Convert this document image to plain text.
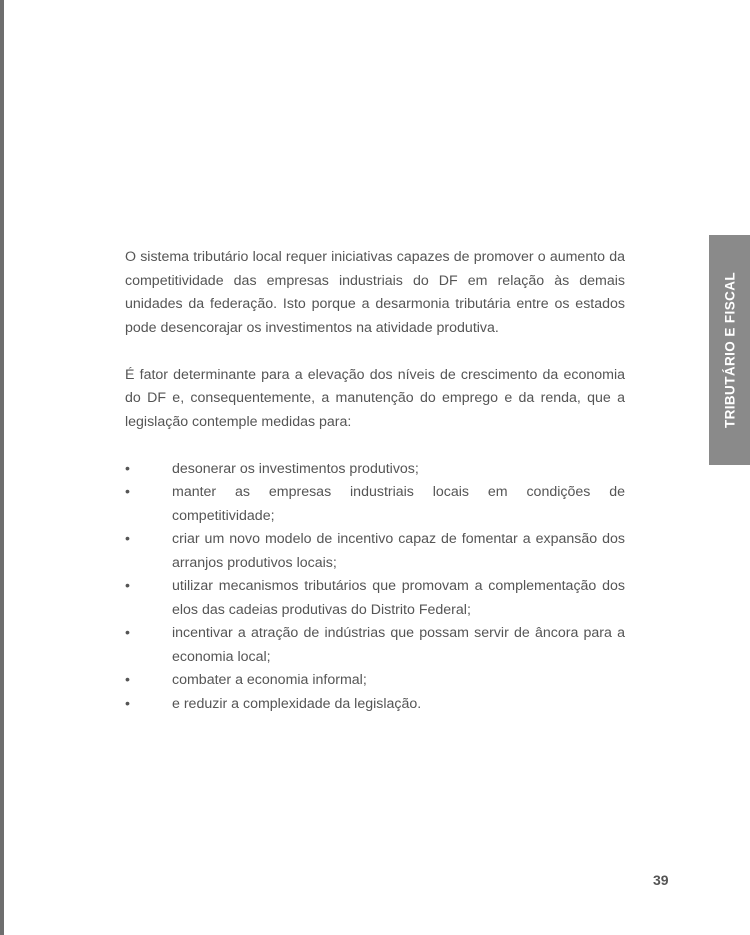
TRIBUTÁRIO E FISCAL

O sistema tributário local requer iniciativas capazes de promover o aumento da competitividade das empresas industriais do DF em relação às demais unidades da federação. Isto porque a desarmonia tributária entre os estados pode desencorajar os investimentos na atividade produtiva.

É fator determinante para a elevação dos níveis de crescimento da economia do DF e, consequentemente, a manutenção do emprego e da renda, que a legislação contemple medidas para:

•	desonerar os investimentos produtivos;
•	manter as empresas industriais locais em condições de competitividade;
•	criar um novo modelo de incentivo capaz de fomentar a expansão dos arranjos produtivos locais;
•	utilizar mecanismos tributários que promovam a complementação dos elos das cadeias produtivas do Distrito Federal;
•	incentivar a atração de indústrias que possam servir de âncora para a economia local;
•	combater a economia informal;
•	e reduzir a complexidade da legislação.
39
